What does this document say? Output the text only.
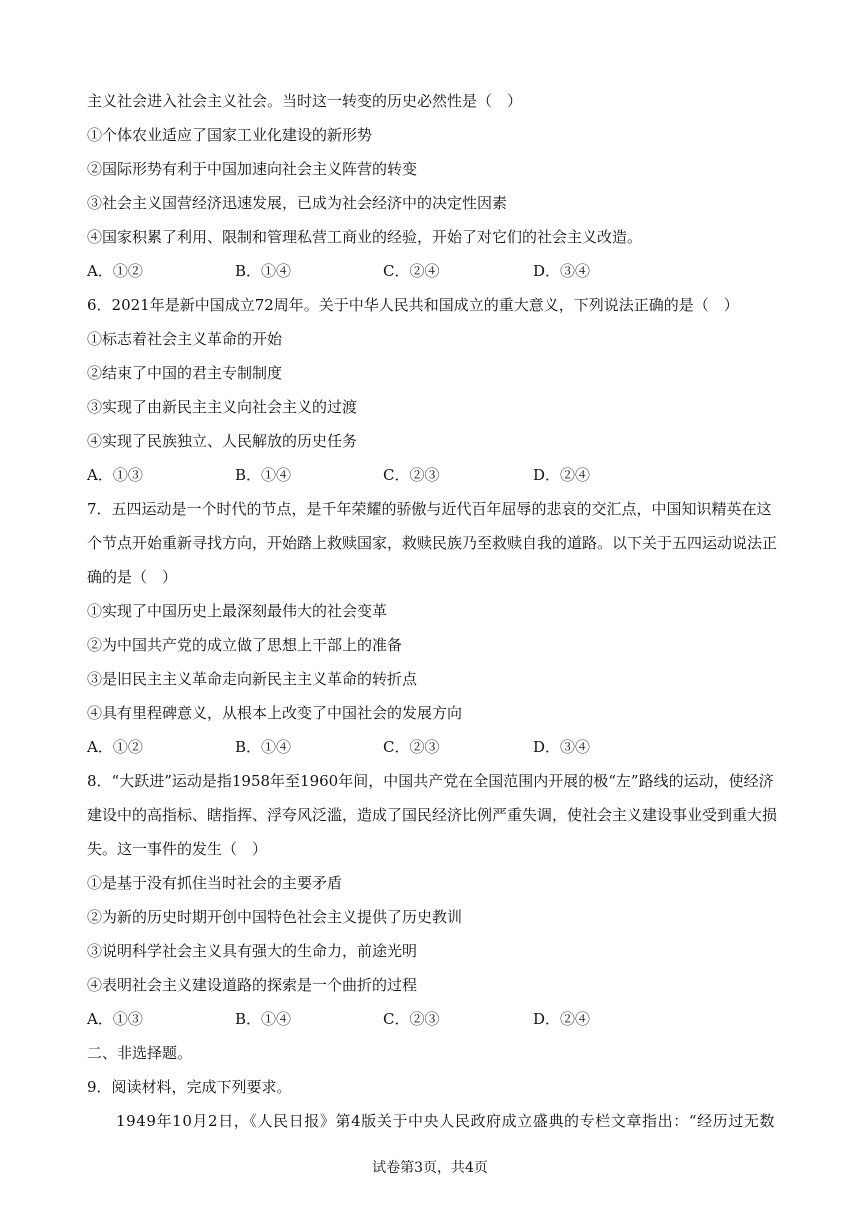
主义社会进入社会主义社会。当时这一转变的历史必然性是（　）
①个体农业适应了国家工业化建设的新形势
②国际形势有利于中国加速向社会主义阵营的转变
③社会主义国营经济迅速发展，已成为社会经济中的决定性因素
④国家积累了利用、限制和管理私营工商业的经验，开始了对它们的社会主义改造。
A．①②	B．①④	C．②④	D．③④
6．2021年是新中国成立72周年。关于中华人民共和国成立的重大意义，下列说法正确的是（　）
①标志着社会主义革命的开始
②结束了中国的君主专制制度
③实现了由新民主主义向社会主义的过渡
④实现了民族独立、人民解放的历史任务
A．①③	B．①④	C．②③	D．②④
7．五四运动是一个时代的节点，是千年荣耀的骄傲与近代百年屈辱的悲哀的交汇点，中国知识精英在这
个节点开始重新寻找方向，开始踏上救赎国家，救赎民族乃至救赎自我的道路。以下关于五四运动说法正
确的是（　）
①实现了中国历史上最深刻最伟大的社会变革
②为中国共产党的成立做了思想上干部上的准备
③是旧民主主义革命走向新民主主义革命的转折点
④具有里程碑意义，从根本上改变了中国社会的发展方向
A．①②	B．①④	C．②③	D．③④
8．“大跃进”运动是指1958年至1960年间，中国共产党在全国范围内开展的极“左”路线的运动，使经济
建设中的高指标、瞎指挥、浮夸风泛滥，造成了国民经济比例严重失调，使社会主义建设事业受到重大损
失。这一事件的发生（　）
①是基于没有抓住当时社会的主要矛盾
②为新的历史时期开创中国特色社会主义提供了历史教训
③说明科学社会主义具有强大的生命力，前途光明
④表明社会主义建设道路的探索是一个曲折的过程
A．①③	B．①④	C．②③	D．②④
二、非选择题。
9．阅读材料，完成下列要求。
1949年10月2日，《人民日报》第4版关于中央人民政府成立盛典的专栏文章指出：“经历过无数
试卷第3页，共4页
